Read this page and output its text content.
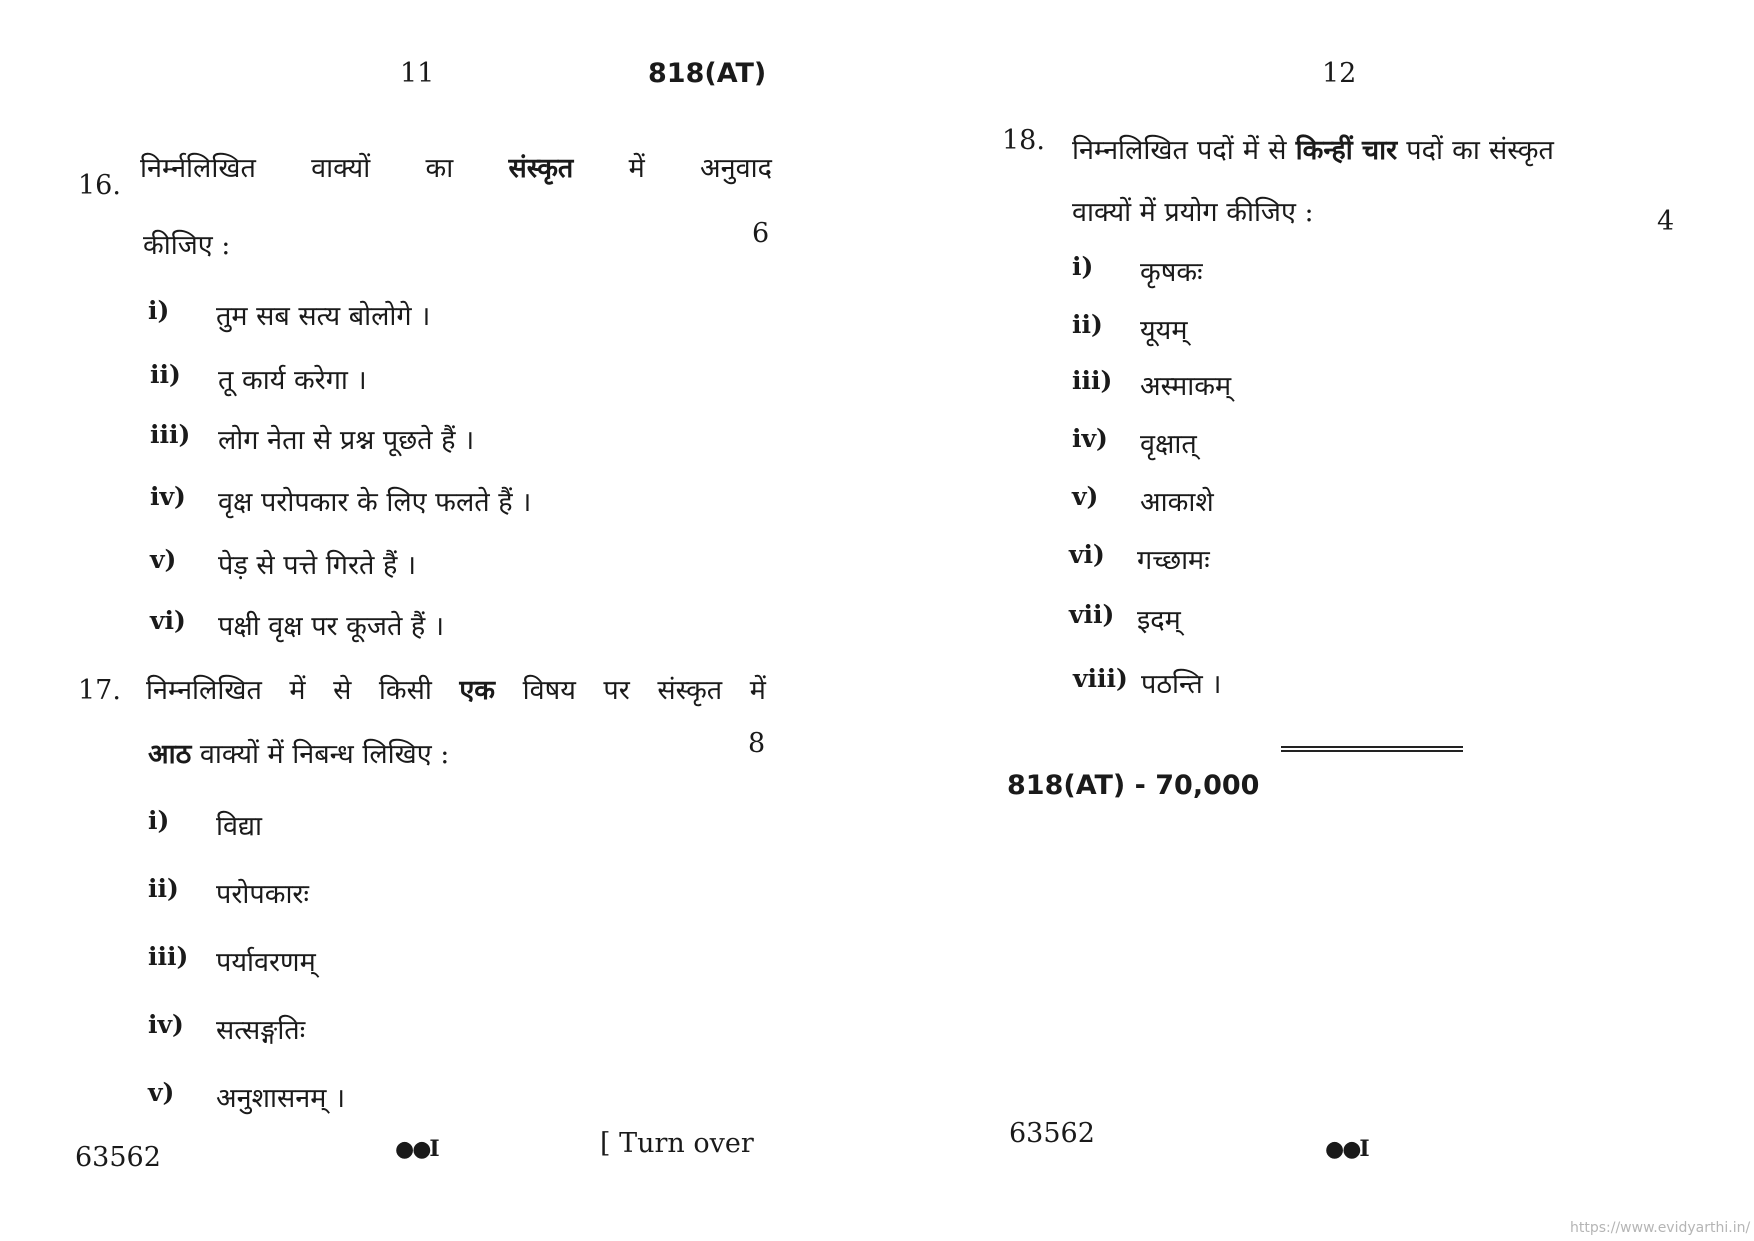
11	818(AT)
16.
निर्म्नलिखित वाक्यों का संस्कृत में अनुवाद
कीजिए :	6
i)	तुम सब सत्य बोलोगे ।
ii)	तू कार्य करेगा ।
iii)	लोग नेता से प्रश्न पूछते हैं ।
iv)	वृक्ष परोपकार के लिए फलते हैं ।
v)	पेड़ से पत्ते गिरते हैं ।
vi)	पक्षी वृक्ष पर कूजते हैं ।
17. निम्नलिखित में से किसी एक विषय पर संस्कृत में
आठ वाक्यों में निबन्ध लिखिए :	8
i)	विद्या
ii)	परोपकारः
iii)	पर्यावरणम्
iv)	सत्सङ्गतिः
v)	अनुशासनम् ।
63562	●●I	[ Turn over
12
18. निम्नलिखित पदों में से किन्हीं चार पदों का संस्कृत
वाक्यों में प्रयोग कीजिए :	4
i)	कृषकः
ii)	यूयम्
iii)	अस्माकम्
iv)	वृक्षात्
v)	आकाशे
vi)	गच्छामः
vii) इदम्
viii) पठन्ति ।
818(AT) - 70,000
63562	●●I
https://www.evidyarthi.in/
